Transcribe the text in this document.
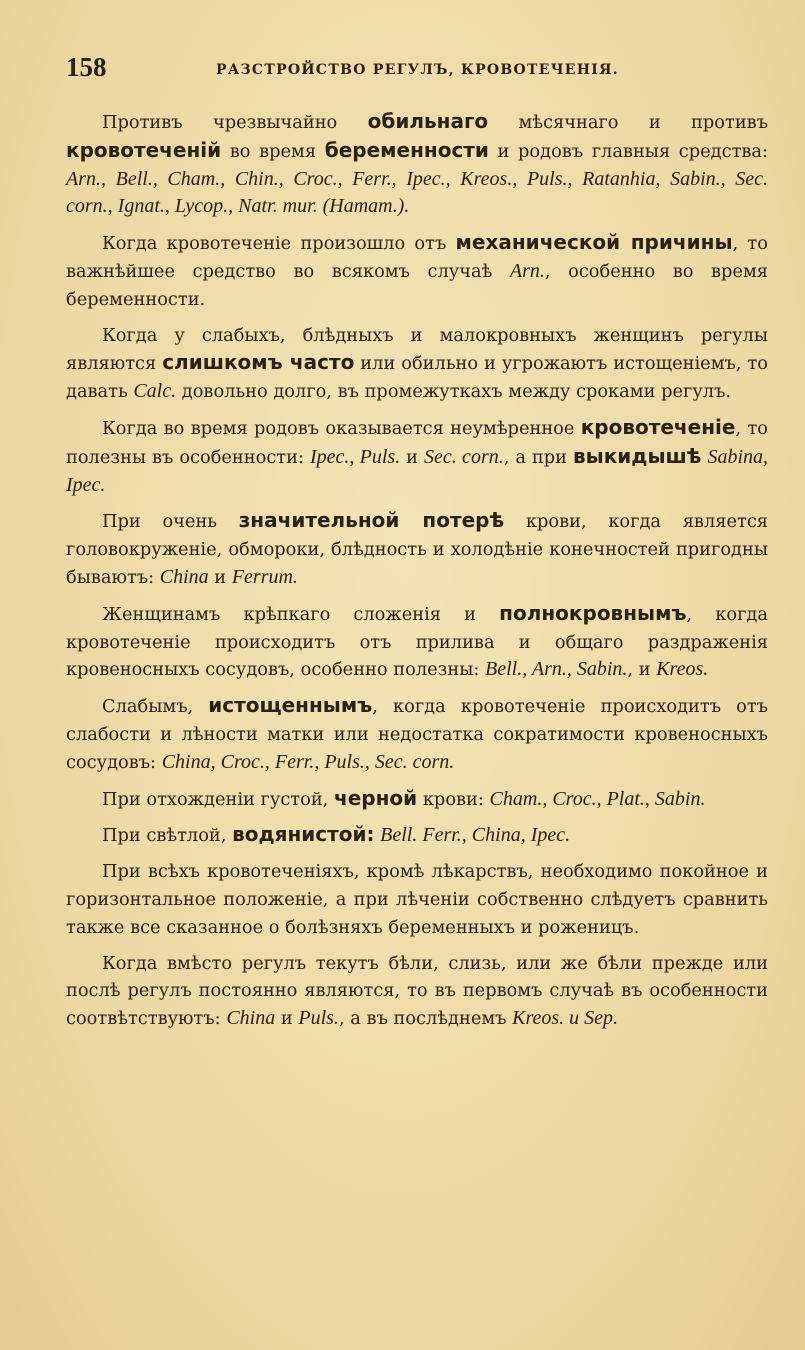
158	РАЗСТРОЙСТВО РЕГУЛЪ, КРОВОТЕЧЕНІЯ.

Противъ чрезвычайно обильнаго мѣсячнаго и противъ кровотеченій во время беременности и родовъ главныя средства: Arn., Bell., Cham., Chin., Croc., Ferr., Ipec., Kreos., Puls., Ratanhia, Sabin., Sec. corn., Ignat., Lycop., Natr. mur. (Hamam.).

Когда кровотеченіе произошло отъ механической причины, то важнѣйшее средство во всякомъ случаѣ Arn., особенно во время беременности.

Когда у слабыхъ, блѣдныхъ и малокровныхъ женщинъ регулы являются слишкомъ часто или обильно и угрожаютъ истощеніемъ, то давать Calc. довольно долго, въ промежуткахъ между сроками регулъ.

Когда во время родовъ оказывается неумѣренное кровотеченіе, то полезны въ особенности: Ipec., Puls. и Sec. corn., а при выкидышѣ Sabina, Ipec.

При очень значительной потерѣ крови, когда является головокруженіе, обмороки, блѣдность и холодѣніе конечностей пригодны бываютъ: China и Ferrum.

Женщинамъ крѣпкаго сложенія и полнокровнымъ, когда кровотеченіе происходитъ отъ прилива и общаго раздраженія кровеносныхъ сосудовъ, особенно полезны: Bell., Arn., Sabin., и Kreos.

Слабымъ, истощеннымъ, когда кровотеченіе происходитъ отъ слабости и лѣности матки или недостатка сократимости кровеносныхъ сосудовъ: China, Croc., Ferr., Puls., Sec. corn.

При отхожденіи густой, черной крови: Cham., Croc., Plat., Sabin.

При свѣтлой, водянистой: Bell. Ferr., China, Ipec.

При всѣхъ кровотеченіяхъ, кромѣ лѣкарствъ, необходимо покойное и горизонтальное положеніе, а при лѣченіи собственно слѣдуетъ сравнить также все сказанное о болѣзняхъ беременныхъ и роженицъ.

Когда вмѣсто регулъ текутъ бѣли, слизь, или же бѣли прежде или послѣ регулъ постоянно являются, то въ первомъ случаѣ въ особенности соотвѣтствуютъ: China и Puls., а въ послѣднемъ Kreos. и Sep.
